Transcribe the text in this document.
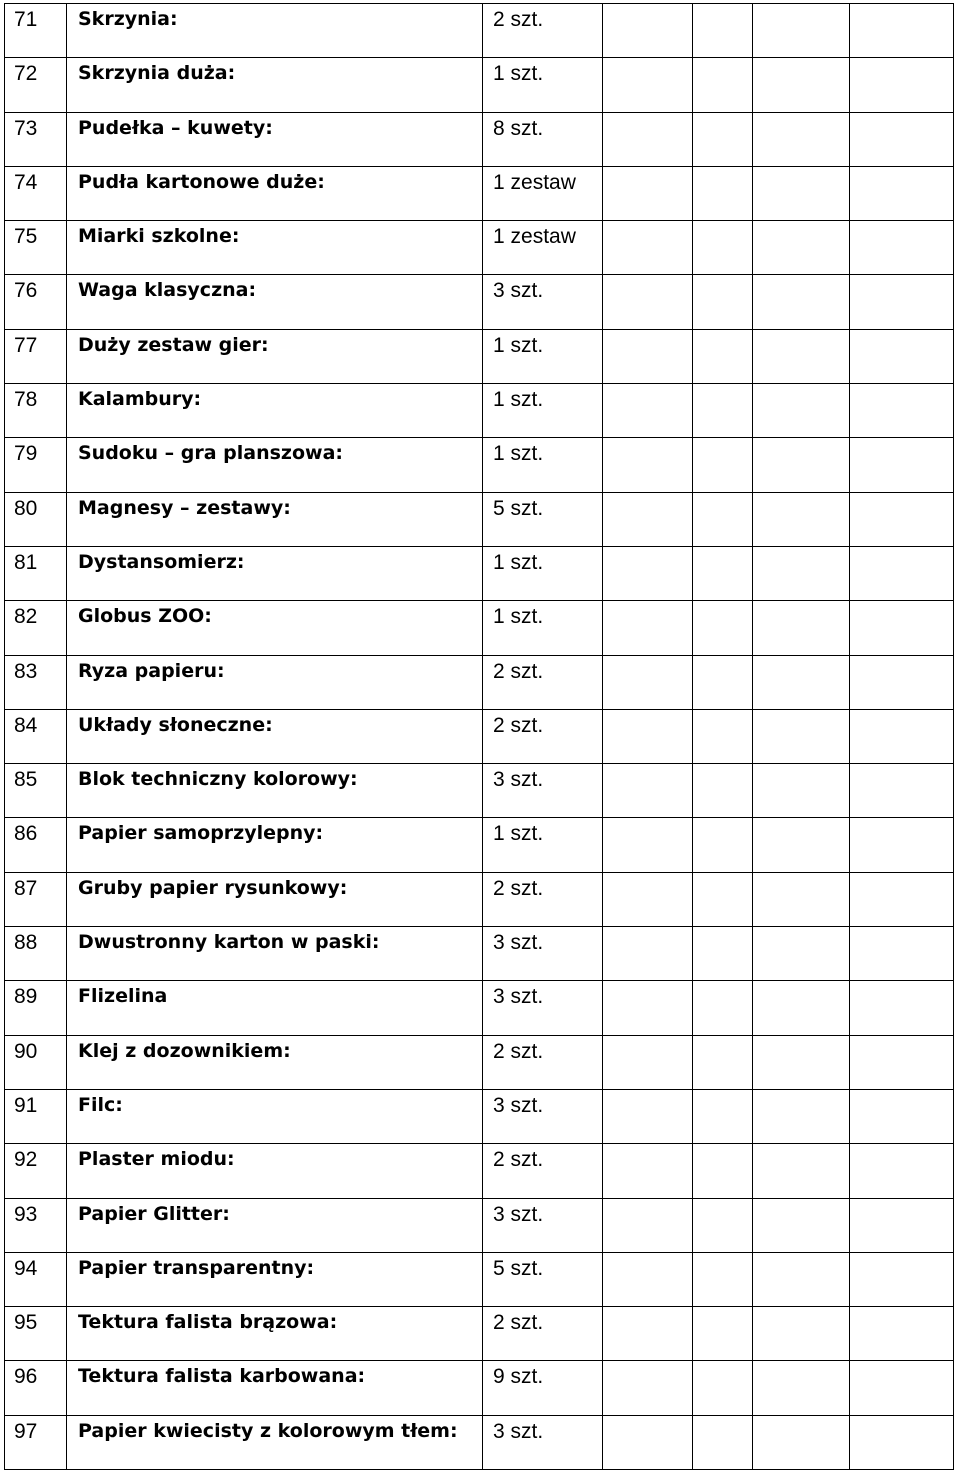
71	Skrzynia:	2 szt.				

72	Skrzynia duża:	1 szt.				

73	Pudełka – kuwety:	8 szt.				

74	Pudła kartonowe duże:	1 zestaw				

75	Miarki szkolne:	1 zestaw				

76	Waga klasyczna:	3 szt.				

77	Duży zestaw gier:	1 szt.				

78	Kalambury:	1 szt.				

79	Sudoku – gra planszowa:	1 szt.				

80	Magnesy – zestawy:	5 szt.				

81	Dystansomierz:	1 szt.				

82	Globus ZOO:	1 szt.				

83	Ryza papieru:	2 szt.				

84	Układy słoneczne:	2 szt.				

85	Blok techniczny kolorowy:	3 szt.				

86	Papier samoprzylepny:	1 szt.				

87	Gruby papier rysunkowy:	2 szt.				

88	Dwustronny karton w paski:	3 szt.				

89	Flizelina	3 szt.				

90	Klej z dozownikiem:	2 szt.				

91	Filc:	3 szt.				

92	Plaster miodu:	2 szt.				

93	Papier Glitter:	3 szt.				

94	Papier transparentny:	5 szt.				

95	Tektura falista brązowa:	2 szt.				

96	Tektura falista karbowana:	9 szt.				

97	Papier kwiecisty z kolorowym tłem:	3 szt.				
